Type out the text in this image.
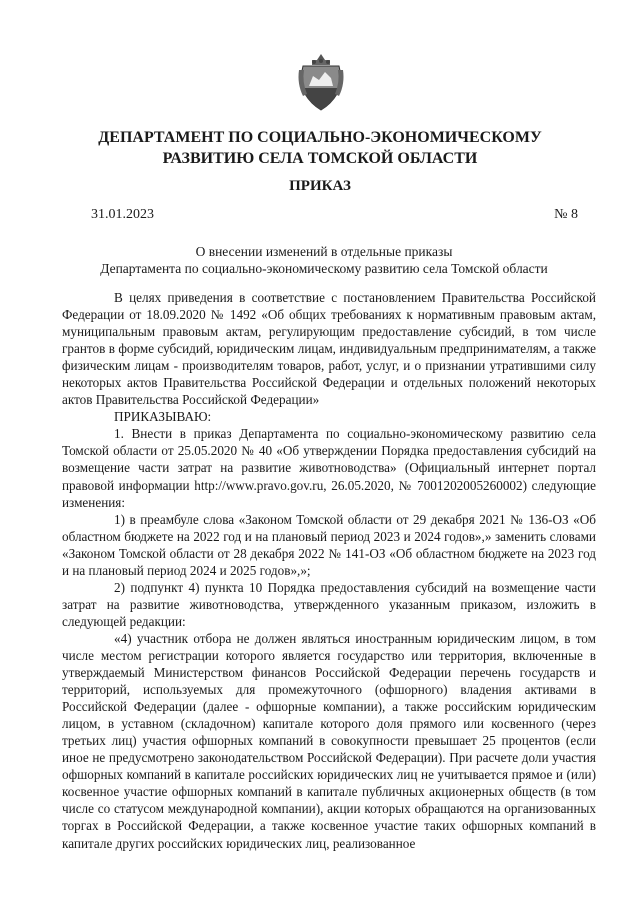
ДЕПАРТАМЕНТ ПО СОЦИАЛЬНО-ЭКОНОМИЧЕСКОМУ
РАЗВИТИЮ СЕЛА ТОМСКОЙ ОБЛАСТИ
ПРИКАЗ
31.01.2023	№ 8
О внесении изменений в отдельные приказы
Департамента по социально-экономическому развитию села Томской области

В целях приведения в соответствие с постановлением Правительства Российской Федерации от 18.09.2020 № 1492 «Об общих требованиях к нормативным правовым актам, муниципальным правовым актам, регулирующим предоставление субсидий, в том числе грантов в форме субсидий, юридическим лицам, индивидуальным предпринимателям, а также физическим лицам - производителям товаров, работ, услуг, и о признании утратившими силу некоторых актов Правительства Российской Федерации и отдельных положений некоторых актов Правительства Российской Федерации»

ПРИКАЗЫВАЮ:

1. Внести в приказ Департамента по социально-экономическому развитию села Томской области от 25.05.2020 № 40 «Об утверждении Порядка предоставления субсидий на возмещение части затрат на развитие животноводства» (Официальный интернет портал правовой информации http://www.pravo.gov.ru, 26.05.2020, № 7001202005260002) следующие изменения:

1) в преамбуле слова «Законом Томской области от 29 декабря 2021 № 136-ОЗ «Об областном бюджете на 2022 год и на плановый период 2023 и 2024 годов»,» заменить словами «Законом Томской области от 28 декабря 2022 № 141-ОЗ «Об областном бюджете на 2023 год и на плановый период 2024 и 2025 годов»,»;

2) подпункт 4) пункта 10 Порядка предоставления субсидий на возмещение части затрат на развитие животноводства, утвержденного указанным приказом, изложить в следующей редакции:

«4) участник отбора не должен являться иностранным юридическим лицом, в том числе местом регистрации которого является государство или территория, включенные в утверждаемый Министерством финансов Российской Федерации перечень государств и территорий, используемых для промежуточного (офшорного) владения активами в Российской Федерации (далее - офшорные компании), а также российским юридическим лицом, в уставном (складочном) капитале которого доля прямого или косвенного (через третьих лиц) участия офшорных компаний в совокупности превышает 25 процентов (если иное не предусмотрено законодательством Российской Федерации). При расчете доли участия офшорных компаний в капитале российских юридических лиц не учитывается прямое и (или) косвенное участие офшорных компаний в капитале публичных акционерных обществ (в том числе со статусом международной компании), акции которых обращаются на организованных торгах в Российской Федерации, а также косвенное участие таких офшорных компаний в капитале других российских юридических лиц, реализованное
